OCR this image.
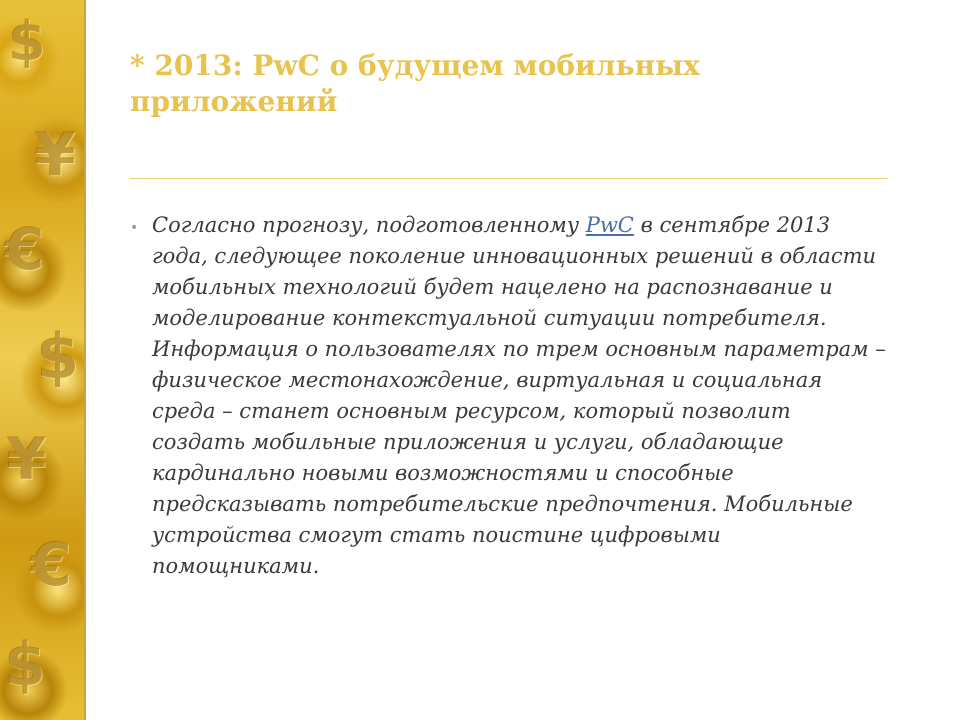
$
¥
€
$
¥
€
$
* 2013: PwC о будущем мобильных приложений
• Согласно прогнозу, подготовленному PwC в сентябре 2013 года, следующее поколение инновационных решений в области мобильных технологий будет нацелено на распознавание и моделирование контекстуальной ситуации потребителя. Информация о пользователях по трем основным параметрам – физическое местонахождение, виртуальная и социальная среда – станет основным ресурсом, который позволит создать мобильные приложения и услуги, обладающие кардинально новыми возможностями и способные предсказывать потребительские предпочтения. Мобильные устройства смогут стать поистине цифровыми помощниками.
